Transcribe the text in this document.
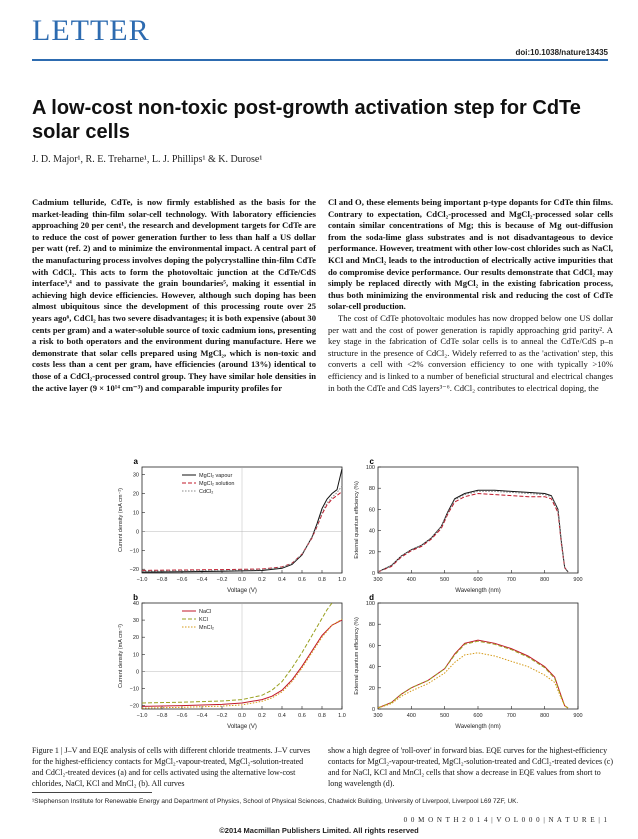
LETTER
doi:10.1038/nature13435
A low-cost non-toxic post-growth activation step for CdTe solar cells
J. D. Major¹, R. E. Treharne¹, L. J. Phillips¹ & K. Durose¹
Cadmium telluride, CdTe, is now firmly established as the basis for the market-leading thin-film solar-cell technology. With laboratory efficiencies approaching 20 per cent¹, the research and development targets for CdTe are to reduce the cost of power generation further to less than half a US dollar per watt (ref. 2) and to minimize the environmental impact. A central part of the manufacturing process involves doping the polycrystalline thin-film CdTe with CdCl₂. This acts to form the photovoltaic junction at the CdTe/CdS interface³,⁴ and to passivate the grain boundaries⁵, making it essential in achieving high device efficiencies. However, although such doping has been almost ubiquitous since the development of this processing route over 25 years ago⁶, CdCl₂ has two severe disadvantages; it is both expensive (about 30 cents per gram) and a water-soluble source of toxic cadmium ions, presenting a risk to both operators and the environment during manufacture. Here we demonstrate that solar cells prepared using MgCl₂, which is non-toxic and costs less than a cent per gram, have efficiencies (around 13%) identical to those of a CdCl₂-processed control group. They have similar hole densities in the active layer (9 × 10¹⁴ cm⁻³) and comparable impurity profiles for
Cl and O, these elements being important p-type dopants for CdTe thin films. Contrary to expectation, CdCl₂-processed and MgCl₂-processed solar cells contain similar concentrations of Mg; this is because of Mg out-diffusion from the soda-lime glass substrates and is not disadvantageous to device performance. However, treatment with other low-cost chlorides such as NaCl, KCl and MnCl₂ leads to the introduction of electrically active impurities that do compromise device performance. Our results demonstrate that CdCl₂ may simply be replaced directly with MgCl₂ in the existing fabrication process, thus both minimizing the environmental risk and reducing the cost of CdTe solar-cell production.

The cost of CdTe photovoltaic modules has now dropped below one US dollar per watt and the cost of power generation is rapidly approaching grid parity². A key stage in the fabrication of CdTe solar cells is to anneal the CdTe/CdS p–n structure in the presence of CdCl₂. Widely referred to as the 'activation' step, this converts a cell with <2% conversion efficiency to one with typically >10% efficiency and is linked to a number of beneficial structural and electrical changes in both the CdTe and CdS layers³⁻⁶. CdCl₂ contributes to electrical doping, the

a
−1.0 −0.8 −0.6 −0.4 −0.2 0.0 0.2 0.4 0.6 0.8 1.0
−20
−10
0
10
20
30
Voltage (V)
Current density (mA cm⁻²)
MgCl₂ vapour
MgCl₂ solution
CdCl₂
c
300	400	500	600	700	800	900
0
20
40
60
80
100
Wavelength (nm)
External quantum efficiency (%)
b
−1.0 −0.8 −0.6 −0.4 −0.2 0.0 0.2 0.4 0.6 0.8 1.0
−20
−10
0
10
20
30
40
Voltage (V)
Current density (mA cm⁻²)
NaCl
KCl
MnCl₂
d
300	400	500	600	700	800	900
0
20
40
60
80
100
Wavelength (nm)
External quantum efficiency (%)
Figure 1 | J–V and EQE analysis of cells with different chloride treatments. J–V curves for the highest-efficiency contacts for MgCl₂-vapour-treated, MgCl₂-solution-treated and CdCl₂-treated devices (a) and for cells activated using the alternative low-cost chlorides, NaCl, KCl and MnCl₂ (b). All curves
show a high degree of 'roll-over' in forward bias. EQE curves for the highest-efficiency contacts for MgCl₂-vapour-treated, MgCl₂-solution-treated and CdCl₂-treated devices (c) and for NaCl, KCl and MnCl₂ cells that show a decrease in EQE values from short to long wavelength (d).
¹Stephenson Institute for Renewable Energy and Department of Physics, School of Physical Sciences, Chadwick Building, University of Liverpool, Liverpool L69 7ZF, UK.
0 0 M O N T H 2 0 1 4 | V O L 0 0 0 | N A T U R E | 1
©2014 Macmillan Publishers Limited. All rights reserved
